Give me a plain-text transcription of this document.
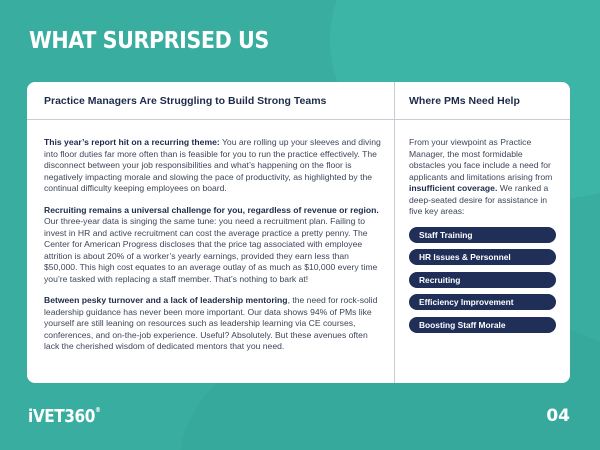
WHAT SURPRISED US
Practice Managers Are Struggling to Build Strong Teams

This year’s report hit on a recurring theme: You are rolling up your sleeves and diving into floor duties far more often than is feasible for you to run the practice effectively. The disconnect between your job responsibilities and what’s happening on the floor is negatively impacting morale and slowing the pace of productivity, as highlighted by the continual difficulty keeping employees on board.

Recruiting remains a universal challenge for you, regardless of revenue or region. Our three-year data is singing the same tune: you need a recruitment plan. Failing to invest in HR and active recruitment can cost the average practice a pretty penny. The Center for American Progress discloses that the price tag associated with employee attrition is about 20% of a worker’s yearly earnings, provided they earn less than $50,000. This high cost equates to an average outlay of as much as $10,000 every time you’re tasked with replacing a staff member. That’s nothing to bark at!

Between pesky turnover and a lack of leadership mentoring, the need for rock-solid leadership guidance has never been more important. Our data shows 94% of PMs like yourself are still leaning on resources such as leadership learning via CE courses, conferences, and on-the-job experience. Useful? Absolutely. But these avenues often lack the cherished wisdom of dedicated mentors that you need.

Where PMs Need Help

From your viewpoint as Practice Manager, the most formidable obstacles you face include a need for applicants and limitations arising from insufficient coverage. We ranked a deep-seated desire for assistance in five key areas:

Staff Training
HR Issues & Personnel
Recruiting
Efficiency Improvement
Boosting Staff Morale
iVET360®	04
